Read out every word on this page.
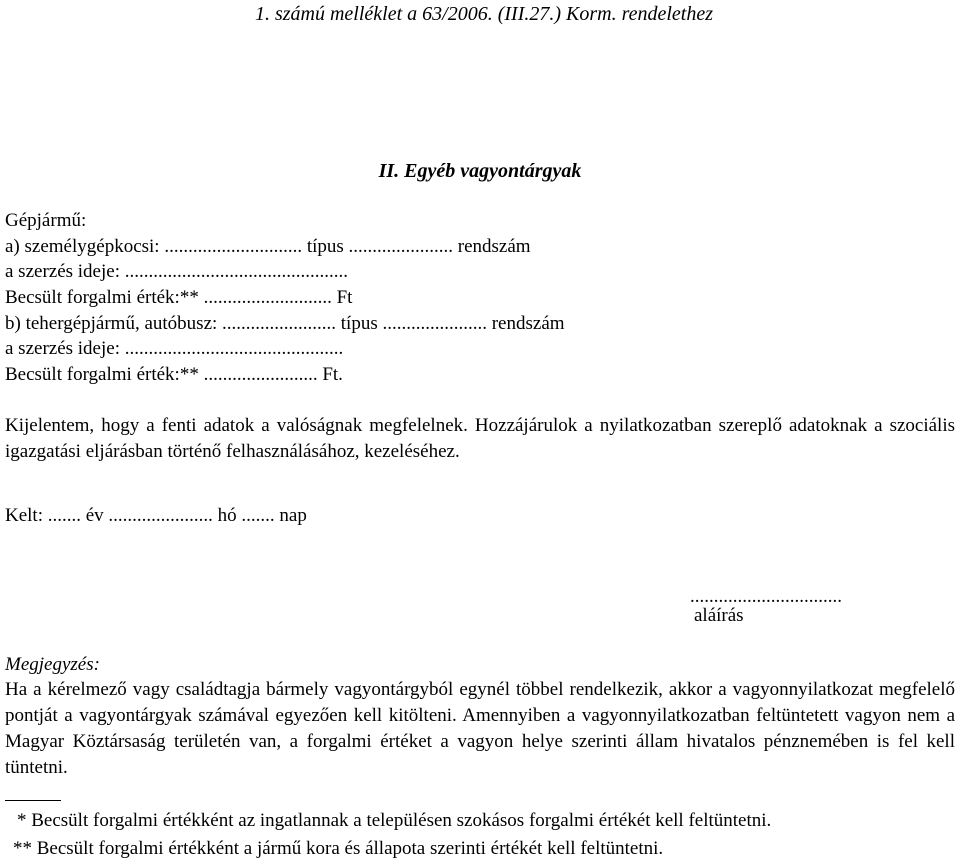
1. számú melléklet a 63/2006. (III.27.) Korm. rendelethez
II. Egyéb vagyontárgyak
Gépjármű:
a) személygépkocsi: ............................. típus ...................... rendszám
a szerzés ideje: ...............................................
Becsült forgalmi érték:** ........................... Ft
b) tehergépjármű, autóbusz: ........................ típus ...................... rendszám
a szerzés ideje: ..............................................
Becsült forgalmi érték:** ........................ Ft.
Kijelentem, hogy a fenti adatok a valóságnak megfelelnek. Hozzájárulok a nyilatkozatban szereplő adatoknak a szociális igazgatási eljárásban történő felhasználásához, kezeléséhez.
Kelt: ....... év ...................... hó ....... nap
................................
aláírás
Megjegyzés:
Ha a kérelmező vagy családtagja bármely vagyontárgyból egynél többel rendelkezik, akkor a vagyonnyilatkozat megfelelő pontját a vagyontárgyak számával egyezően kell kitölteni. Amennyiben a vagyonnyilatkozatban feltüntetett vagyon nem a Magyar Köztársaság területén van, a forgalmi értéket a vagyon helye szerinti állam hivatalos pénznemében is fel kell tüntetni.
* Becsült forgalmi értékként az ingatlannak a településen szokásos forgalmi értékét kell feltüntetni.
** Becsült forgalmi értékként a jármű kora és állapota szerinti értékét kell feltüntetni.
